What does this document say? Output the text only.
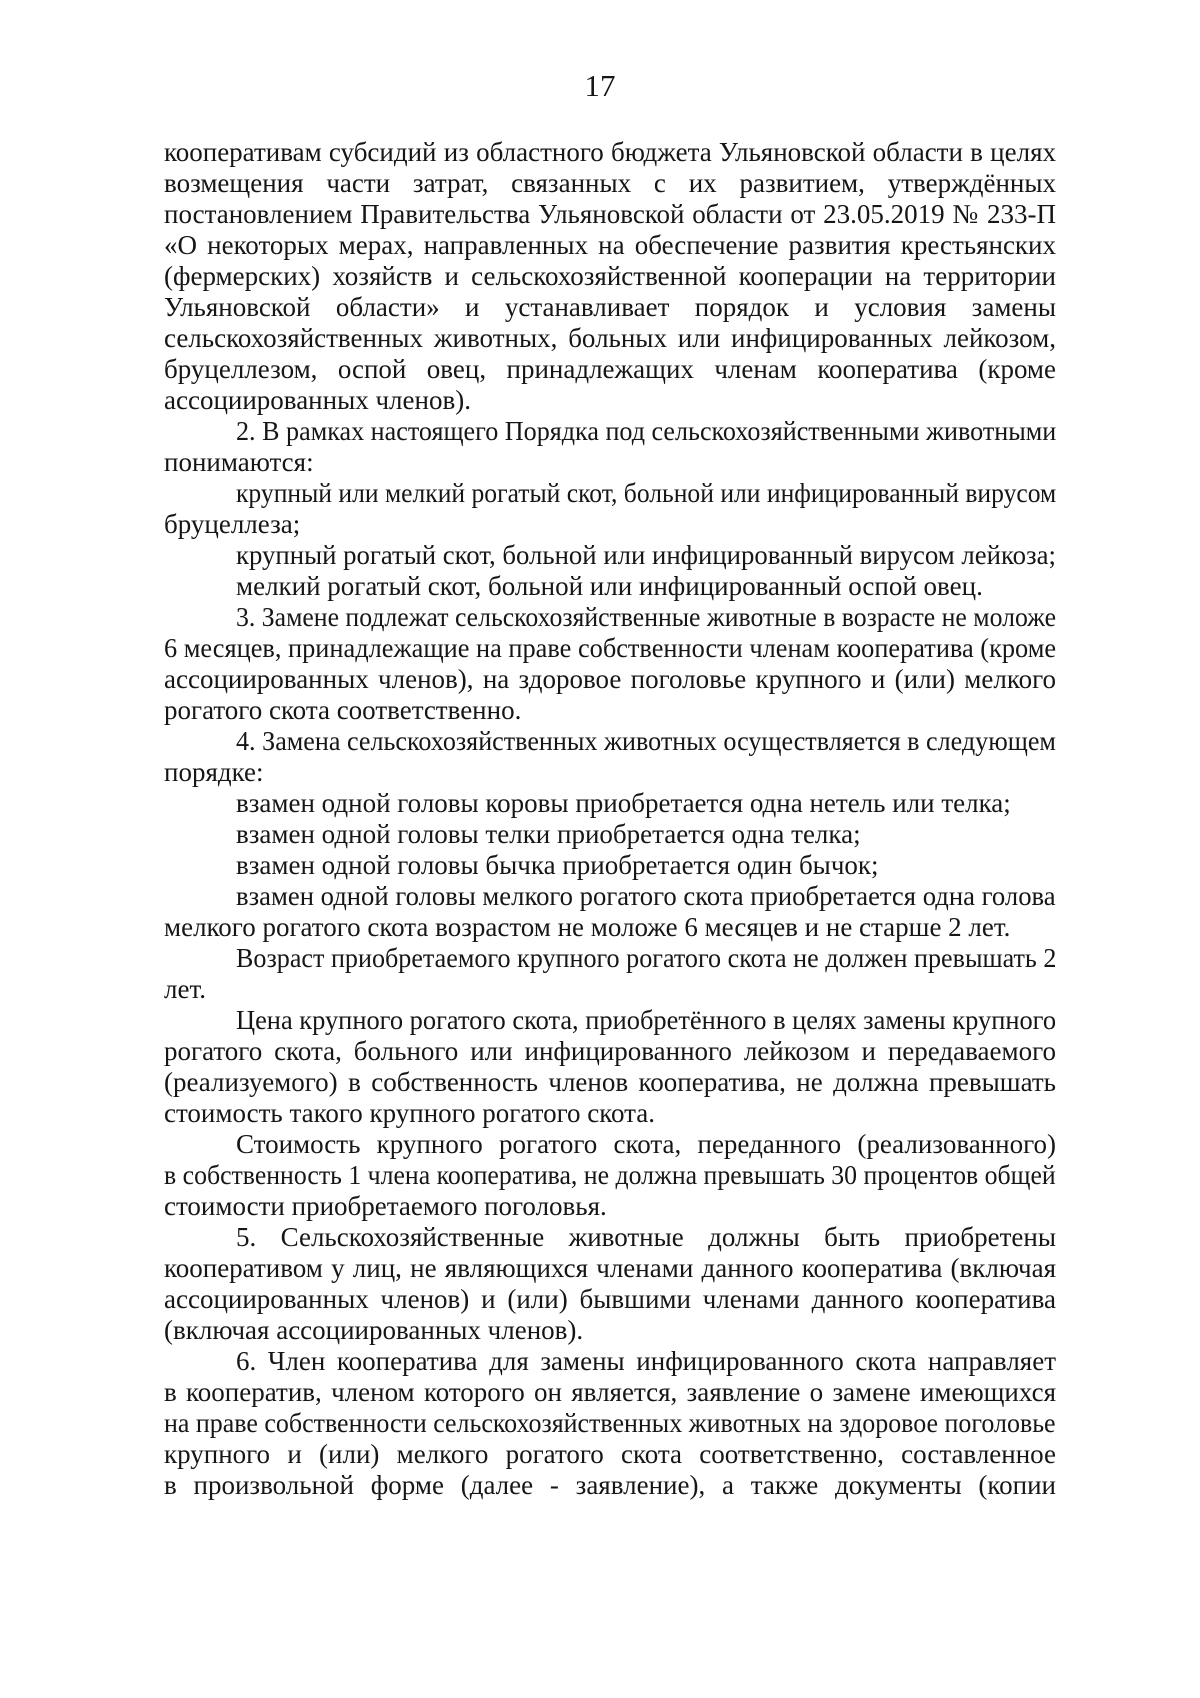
17
кооперативам субсидий из областного бюджета Ульяновской области в целях
возмещения части затрат, связанных с их развитием, утверждённых
постановлением Правительства Ульяновской области от 23.05.2019 № 233-П
«О некоторых мерах, направленных на обеспечение развития крестьянских
(фермерских) хозяйств и сельскохозяйственной кооперации на территории
Ульяновской области» и устанавливает порядок и условия замены
сельскохозяйственных животных, больных или инфицированных лейкозом,
бруцеллезом, оспой овец, принадлежащих членам кооператива (кроме
ассоциированных членов).
2. В рамках настоящего Порядка под сельскохозяйственными животными
понимаются:
крупный или мелкий рогатый скот, больной или инфицированный вирусом
бруцеллеза;
крупный рогатый скот, больной или инфицированный вирусом лейкоза;
мелкий рогатый скот, больной или инфицированный оспой овец.
3. Замене подлежат сельскохозяйственные животные в возрасте не моложе
6 месяцев, принадлежащие на праве собственности членам кооператива (кроме
ассоциированных членов), на здоровое поголовье крупного и (или) мелкого
рогатого скота соответственно.
4. Замена сельскохозяйственных животных осуществляется в следующем
порядке:
взамен одной головы коровы приобретается одна нетель или телка;
взамен одной головы телки приобретается одна телка;
взамен одной головы бычка приобретается один бычок;
взамен одной головы мелкого рогатого скота приобретается одна голова
мелкого рогатого скота возрастом не моложе 6 месяцев и не старше 2 лет.
Возраст приобретаемого крупного рогатого скота не должен превышать 2
лет.
Цена крупного рогатого скота, приобретённого в целях замены крупного
рогатого скота, больного или инфицированного лейкозом и передаваемого
(реализуемого) в собственность членов кооператива, не должна превышать
стоимость такого крупного рогатого скота.
Стоимость крупного рогатого скота, переданного (реализованного)
в собственность 1 члена кооператива, не должна превышать 30 процентов общей
стоимости приобретаемого поголовья.
5. Сельскохозяйственные животные должны быть приобретены
кооперативом у лиц, не являющихся членами данного кооператива (включая
ассоциированных членов) и (или) бывшими членами данного кооператива
(включая ассоциированных членов).
6. Член кооператива для замены инфицированного скота направляет
в кооператив, членом которого он является, заявление о замене имеющихся
на праве собственности сельскохозяйственных животных на здоровое поголовье
крупного и (или) мелкого рогатого скота соответственно, составленное
в произвольной форме (далее - заявление), а также документы (копии
